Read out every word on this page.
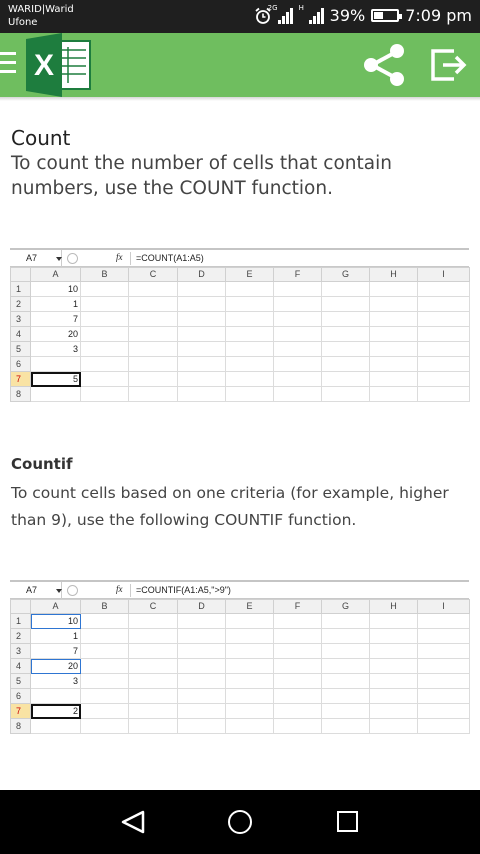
WARID|Warid
Ufone
2G	H 39%	7:09 pm
X
Count
To count the number of cells that contain numbers, use the COUNT function.
A7	fx =COUNT(A1:A5)
	A	B	C	D	E	F	G	H	I
1	10								
2	1								
3	7								
4	20								
5	3								
6									
7	5								
8									
Countif
To count cells based on one criteria (for example, higher than 9), use the following COUNTIF function.
A7	fx =COUNTIF(A1:A5,">9")
	A	B	C	D	E	F	G	H	I
1	10								
2	1								
3	7								
4	20								
5	3								
6									
7	2								
8									
